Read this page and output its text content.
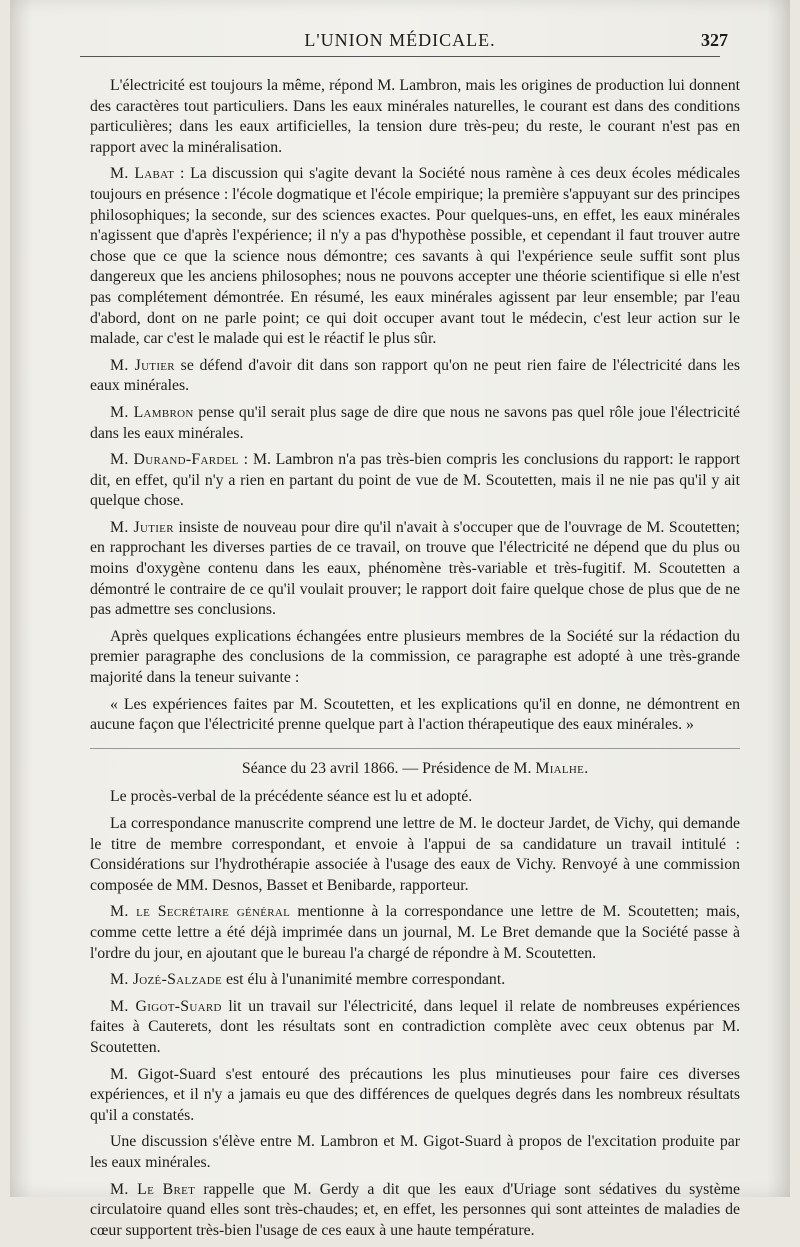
L'UNION MÉDICALE.	327

L'électricité est toujours la même, répond M. Lambron, mais les origines de production lui donnent des caractères tout particuliers. Dans les eaux minérales naturelles, le courant est dans des conditions particulières; dans les eaux artificielles, la tension dure très-peu; du reste, le courant n'est pas en rapport avec la minéralisation.

M. Labat : La discussion qui s'agite devant la Société nous ramène à ces deux écoles médicales toujours en présence : l'école dogmatique et l'école empirique; la première s'appuyant sur des principes philosophiques; la seconde, sur des sciences exactes. Pour quelques-uns, en effet, les eaux minérales n'agissent que d'après l'expérience; il n'y a pas d'hypothèse possible, et cependant il faut trouver autre chose que ce que la science nous démontre; ces savants à qui l'expérience seule suffit sont plus dangereux que les anciens philosophes; nous ne pouvons accepter une théorie scientifique si elle n'est pas complétement démontrée. En résumé, les eaux minérales agissent par leur ensemble; par l'eau d'abord, dont on ne parle point; ce qui doit occuper avant tout le médecin, c'est leur action sur le malade, car c'est le malade qui est le réactif le plus sûr.

M. Jutier se défend d'avoir dit dans son rapport qu'on ne peut rien faire de l'électricité dans les eaux minérales.

M. Lambron pense qu'il serait plus sage de dire que nous ne savons pas quel rôle joue l'électricité dans les eaux minérales.

M. Durand-Fardel : M. Lambron n'a pas très-bien compris les conclusions du rapport: le rapport dit, en effet, qu'il n'y a rien en partant du point de vue de M. Scoutetten, mais il ne nie pas qu'il y ait quelque chose.

M. Jutier insiste de nouveau pour dire qu'il n'avait à s'occuper que de l'ouvrage de M. Scoutetten; en rapprochant les diverses parties de ce travail, on trouve que l'électricité ne dépend que du plus ou moins d'oxygène contenu dans les eaux, phénomène très-variable et très-fugitif. M. Scoutetten a démontré le contraire de ce qu'il voulait prouver; le rapport doit faire quelque chose de plus que de ne pas admettre ses conclusions.

Après quelques explications échangées entre plusieurs membres de la Société sur la rédaction du premier paragraphe des conclusions de la commission, ce paragraphe est adopté à une très-grande majorité dans la teneur suivante :

« Les expériences faites par M. Scoutetten, et les explications qu'il en donne, ne démontrent en aucune façon que l'électricité prenne quelque part à l'action thérapeutique des eaux minérales. »

Séance du 23 avril 1866. — Présidence de M. Mialhe.

Le procès-verbal de la précédente séance est lu et adopté.

La correspondance manuscrite comprend une lettre de M. le docteur Jardet, de Vichy, qui demande le titre de membre correspondant, et envoie à l'appui de sa candidature un travail intitulé : Considérations sur l'hydrothérapie associée à l'usage des eaux de Vichy. Renvoyé à une commission composée de MM. Desnos, Basset et Benibarde, rapporteur.

M. le Secrétaire général mentionne à la correspondance une lettre de M. Scoutetten; mais, comme cette lettre a été déjà imprimée dans un journal, M. Le Bret demande que la Société passe à l'ordre du jour, en ajoutant que le bureau l'a chargé de répondre à M. Scoutetten.

M. Jozé-Salzade est élu à l'unanimité membre correspondant.

M. Gigot-Suard lit un travail sur l'électricité, dans lequel il relate de nombreuses expériences faites à Cauterets, dont les résultats sont en contradiction complète avec ceux obtenus par M. Scoutetten.

M. Gigot-Suard s'est entouré des précautions les plus minutieuses pour faire ces diverses expériences, et il n'y a jamais eu que des différences de quelques degrés dans les nombreux résultats qu'il a constatés.

Une discussion s'élève entre M. Lambron et M. Gigot-Suard à propos de l'excitation produite par les eaux minérales.

M. Le Bret rappelle que M. Gerdy a dit que les eaux d'Uriage sont sédatives du système circulatoire quand elles sont très-chaudes; et, en effet, les personnes qui sont atteintes de maladies de cœur supportent très-bien l'usage de ces eaux à une haute température.
